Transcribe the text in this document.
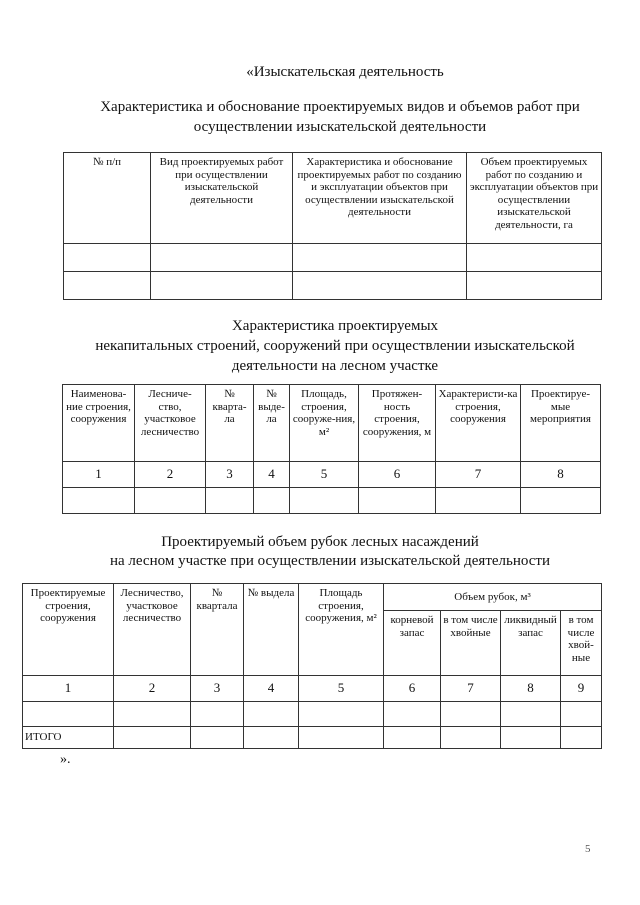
«Изыскательская деятельность
Характеристика и обоснование проектируемых видов и объемов работ при
осуществлении изыскательской деятельности
№ п/п	Вид проектируемых работ при осуществлении изыскательской деятельности	Характеристика и обоснование проектируемых работ по созданию и эксплуатации объектов при осуществлении изыскательской деятельности	Объем проектируемых работ по созданию и эксплуатации объектов при осуществлении изыскательской деятельности, га

Характеристика проектируемых
некапитальных строений, сооружений при осуществлении изыскательской
деятельности на лесном участке
Наименова-ние строения, сооружения	Лесниче-ство, участковое лесничество	№ кварта-ла	№ выде-ла	Площадь, строения, сооруже-ния, м²	Протяжен-ность строения, сооружения, м	Характеристи-ка строения, сооружения	Проектируе-мые мероприятия
1	2	3	4	5	6	7	8

Проектируемый объем рубок лесных насаждений
на лесном участке при осуществлении изыскательской деятельности
Проектируемые строения, сооружения	Лесничество, участковое лесничество	№ квартала	№ выдела	Площадь строения, сооружения, м²	Объем рубок, м³			
					корневой запас	в том числе хвойные	ликвидный запас	в том числе хвой-ные
1	2	3	4	5	6	7	8	9

ИТОГО								
».
5
